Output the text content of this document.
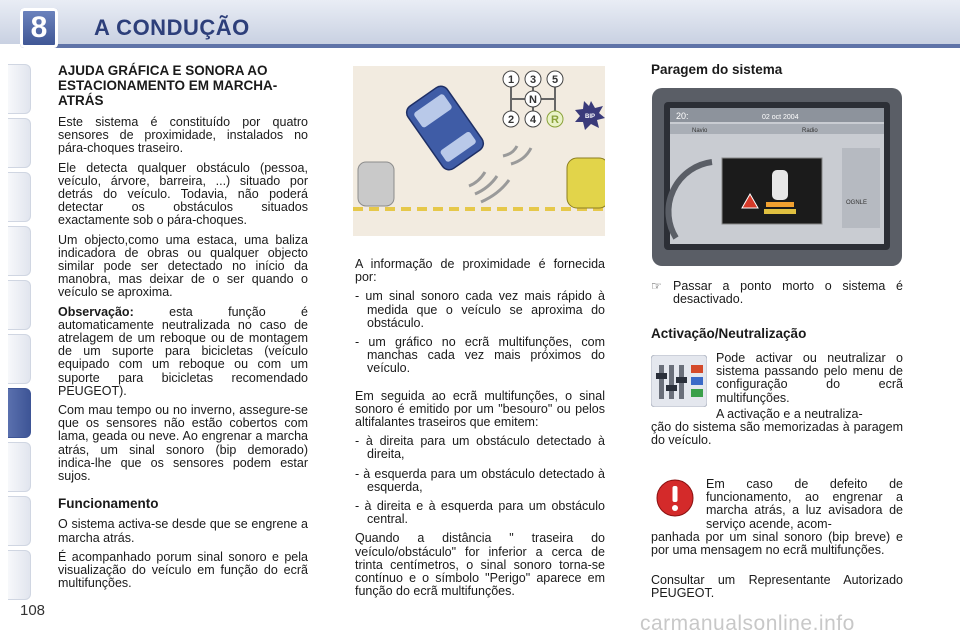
8	A CONDUÇÃO
AJUDA GRÁFICA E SONORA AO ESTACIONAMENTO EM MARCHA-ATRÁS

Este sistema é constituído por quatro sensores de proximidade, instalados no pára-choques traseiro.

Ele detecta qualquer obstáculo (pessoa, veículo, árvore, barreira, ...) situado por detrás do veículo. Todavia, não poderá detectar os obstáculos situados exactamente sob o pára-choques.

Um objecto,como uma estaca, uma baliza indicadora de obras ou qualquer objecto similar pode ser detectado no início da manobra, mas deixar de o ser quando o veículo se aproxima.

Observação: esta função é automaticamente neutralizada no caso de atrelagem de um reboque ou de montagem de um suporte para bicicletas (veículo equipado com um reboque ou com um suporte para bicicletas recomendado PEUGEOT).

Com mau tempo ou no inverno, assegure-se que os sensores não estão cobertos com lama, geada ou neve. Ao engrenar a marcha atrás, um sinal sonoro (bip demorado) indica-lhe que os sensores podem estar sujos.

Funcionamento

O sistema activa-se desde que se engrene a marcha atrás.

É acompanhado porum sinal sonoro e pela visualização do veículo em função do ecrã multifunções.

1 3 5
N
2 4 R	BIP

A informação de proximidade é fornecida por:

- um sinal sonoro cada vez mais rápido à medida que o veículo se aproxima do obstáculo.

- um gráfico no ecrã multifunções, com manchas cada vez mais próximos do veículo.

Em seguida ao ecrã multifunções, o sinal sonoro é emitido por um "besouro" ou pelos altifalantes traseiros que emitem:

- à direita para um obstáculo detectado à direita,

- à esquerda para um obstáculo detectado à esquerda,

- à direita e à esquerda para um obstáculo central.

Quando a distância " traseira do veículo/obstáculo" for inferior a cerca de trinta centímetros, o sinal sonoro torna-se contínuo e o símbolo "Perigo" aparece em função do ecrã multifunções.

Paragem do sistema
20:	02 oct 2004
Navio	Radio
OGNLE
☞ Passar a ponto morto o sistema é desactivado.
Activação/Neutralização
Pode activar ou neutralizar o sistema passando pelo menu de configuração do ecrã multifunções.
A activação e a neutraliza-
ção do sistema são memorizadas à paragem do veículo.
Em caso de defeito de funcionamento, ao engrenar a marcha atrás, a luz avisadora de serviço acende, acom-
panhada por um sinal sonoro (bip breve) e por uma mensagem no ecrã multifunções.
Consultar um Representante Autorizado PEUGEOT.
108
carmanualsonline.info
